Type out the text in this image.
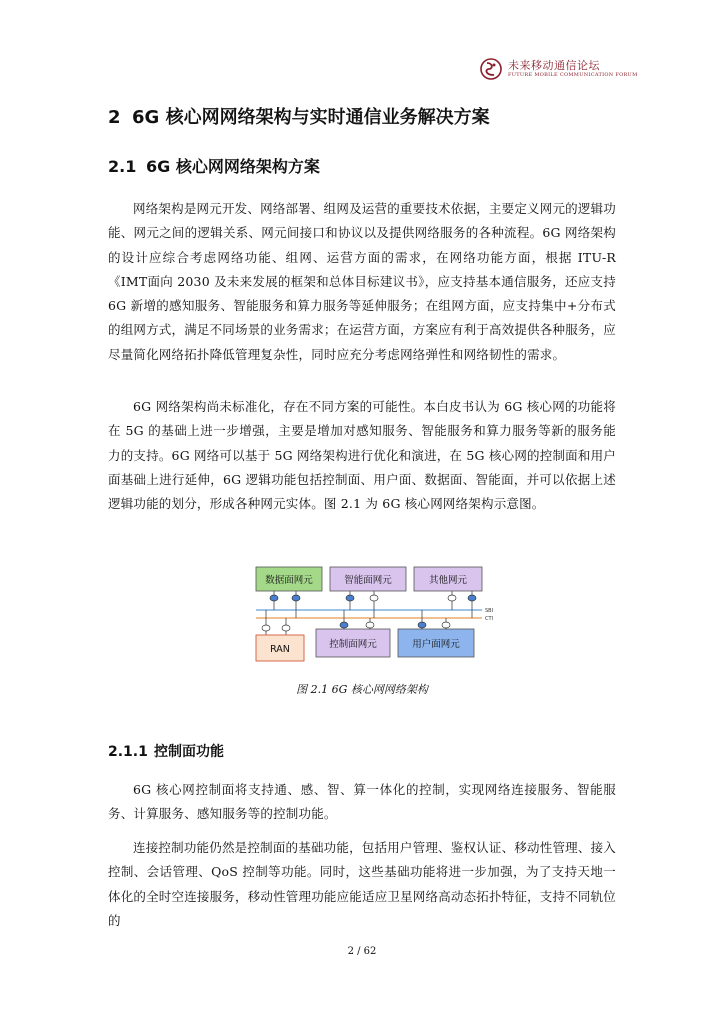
未来移动通信论坛
FUTURE MOBILE COMMUNICATION FORUM
2 6G 核心网网络架构与实时通信业务解决方案
2.1 6G 核心网网络架构方案

网络架构是网元开发、网络部署、组网及运营的重要技术依据，主要定义网元的逻辑功能、网元之间的逻辑关系、网元间接口和协议以及提供网络服务的各种流程。6G 网络架构的设计应综合考虑网络功能、组网、运营方面的需求，在网络功能方面，根据 ITU-R《IMT面向 2030 及未来发展的框架和总体目标建议书》，应支持基本通信服务，还应支持 6G 新增的感知服务、智能服务和算力服务等延伸服务；在组网方面，应支持集中+分布式的组网方式，满足不同场景的业务需求；在运营方面，方案应有利于高效提供各种服务，应尽量简化网络拓扑降低管理复杂性，同时应充分考虑网络弹性和网络韧性的需求。

6G 网络架构尚未标准化，存在不同方案的可能性。本白皮书认为 6G 核心网的功能将在 5G 的基础上进一步增强，主要是增加对感知服务、智能服务和算力服务等新的服务能力的支持。6G 网络可以基于 5G 网络架构进行优化和演进，在 5G 核心网的控制面和用户面基础上进行延伸，6G 逻辑功能包括控制面、用户面、数据面、智能面，并可以依据上述逻辑功能的划分，形成各种网元实体。图 2.1 为 6G 核心网网络架构示意图。

SBI
CTI
数据面网元	智能面网元	其他网元
RAN	控制面网元	用户面网元

图 2.1 6G 核心网网络架构

2.1.1 控制面功能

6G 核心网控制面将支持通、感、智、算一体化的控制，实现网络连接服务、智能服务、计算服务、感知服务等的控制功能。

连接控制功能仍然是控制面的基础功能，包括用户管理、鉴权认证、移动性管理、接入控制、会话管理、QoS 控制等功能。同时，这些基础功能将进一步加强，为了支持天地一体化的全时空连接服务，移动性管理功能应能适应卫星网络高动态拓扑特征，支持不同轨位的

2 / 62
